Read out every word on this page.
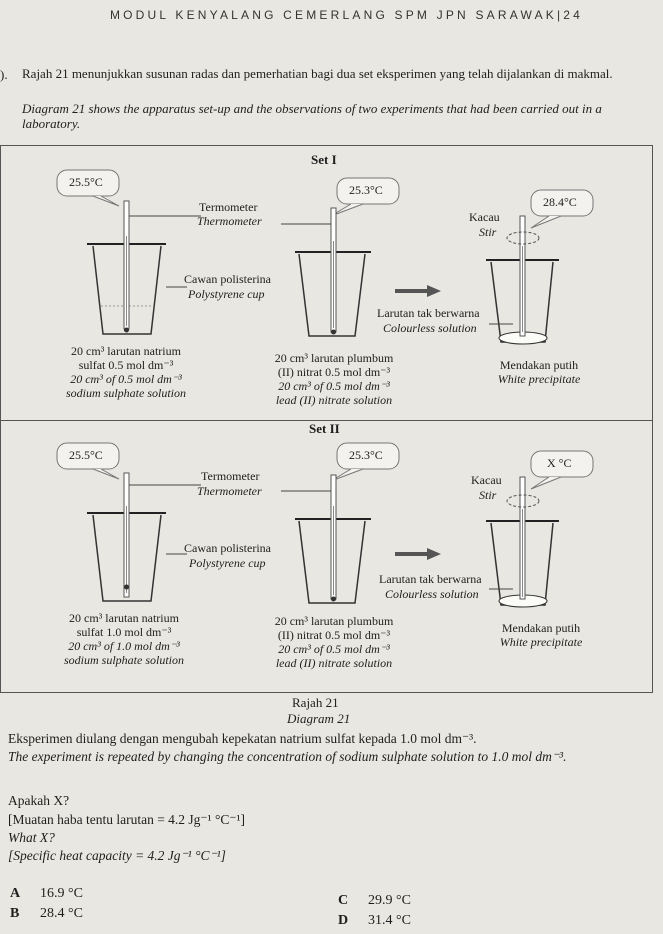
MODUL KENYALANG CEMERLANG SPM JPN SARAWAK|24
). Rajah 21 menunjukkan susunan radas dan pemerhatian bagi dua set eksperimen yang telah dijalankan di makmal.
Diagram 21 shows the apparatus set-up and the observations of two experiments that had been carried out in a laboratory.
Set I
25.5°C
25.3°C
28.4°C
Termometer
Thermometer
Cawan polisterina
Polystyrene cup
Kacau
Stir
Larutan tak berwarna
Colourless solution
20 cm³ larutan natrium
sulfat 0.5 mol dm⁻³
20 cm³ of 0.5 mol dm⁻³
sodium sulphate solution
20 cm³ larutan plumbum
(II) nitrat 0.5 mol dm⁻³
20 cm³ of 0.5 mol dm⁻³
lead (II) nitrate solution
Mendakan putih
White precipitate
Set II
25.5°C	25.3°C
X °C
Termometer
Thermometer
Cawan polisterina
Polystyrene cup
Kacau
Stir
Larutan tak berwarna
Colourless solution
20 cm³ larutan natrium
sulfat 1.0 mol dm⁻³
20 cm³ of 1.0 mol dm⁻³
sodium sulphate solution
20 cm³ larutan plumbum
(II) nitrat 0.5 mol dm⁻³
20 cm³ of 0.5 mol dm⁻³
lead (II) nitrate solution
Mendakan putih
White precipitate
Rajah 21
Diagram 21
Eksperimen diulang dengan mengubah kepekatan natrium sulfat kepada 1.0 mol dm⁻³.
The experiment is repeated by changing the concentration of sodium sulphate solution to 1.0 mol dm⁻³.
Apakah X?
[Muatan haba tentu larutan = 4.2 Jg⁻¹ °C⁻¹]
What X?
[Specific heat capacity = 4.2 Jg⁻¹ °C⁻¹]
A 16.9 °C
B 28.4 °C
C 29.9 °C
D 31.4 °C
